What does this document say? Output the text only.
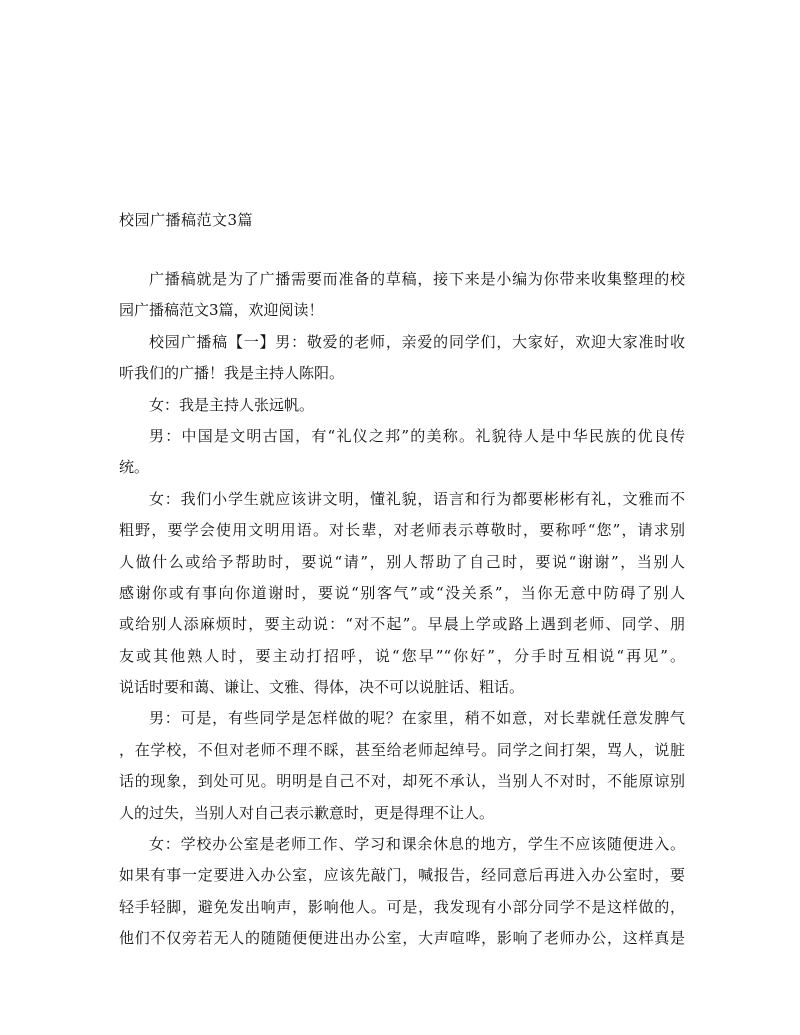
校园广播稿范文3篇
广播稿就是为了广播需要而准备的草稿，接下来是小编为你带来收集整理的校
园广播稿范文3篇，欢迎阅读！
校园广播稿【一】男：敬爱的老师，亲爱的同学们，大家好，欢迎大家准时收
听我们的广播！我是主持人陈阳。
女：我是主持人张远帆。
男：中国是文明古国，有“礼仪之邦”的美称。礼貌待人是中华民族的优良传
统。
女：我们小学生就应该讲文明，懂礼貌，语言和行为都要彬彬有礼，文雅而不
粗野，要学会使用文明用语。对长辈，对老师表示尊敬时，要称呼“您”，请求别
人做什么或给予帮助时，要说“请”，别人帮助了自己时，要说“谢谢”，当别人
感谢你或有事向你道谢时，要说“别客气”或“没关系”，当你无意中防碍了别人
或给别人添麻烦时，要主动说：“对不起”。早晨上学或路上遇到老师、同学、朋
友或其他熟人时，要主动打招呼，说“您早”“你好”，分手时互相说“再见”。
说话时要和蔼、谦让、文雅、得体，决不可以说脏话、粗话。
男：可是，有些同学是怎样做的呢？在家里，稍不如意，对长辈就任意发脾气
，在学校，不但对老师不理不睬，甚至给老师起绰号。同学之间打架，骂人，说脏
话的现象，到处可见。明明是自己不对，却死不承认，当别人不对时，不能原谅别
人的过失，当别人对自己表示歉意时，更是得理不让人。
女：学校办公室是老师工作、学习和课余休息的地方，学生不应该随便进入。
如果有事一定要进入办公室，应该先敲门，喊报告，经同意后再进入办公室时，要
轻手轻脚，避免发出响声，影响他人。可是，我发现有小部分同学不是这样做的，
他们不仅旁若无人的随随便便进出办公室，大声喧哗，影响了老师办公，这样真是
